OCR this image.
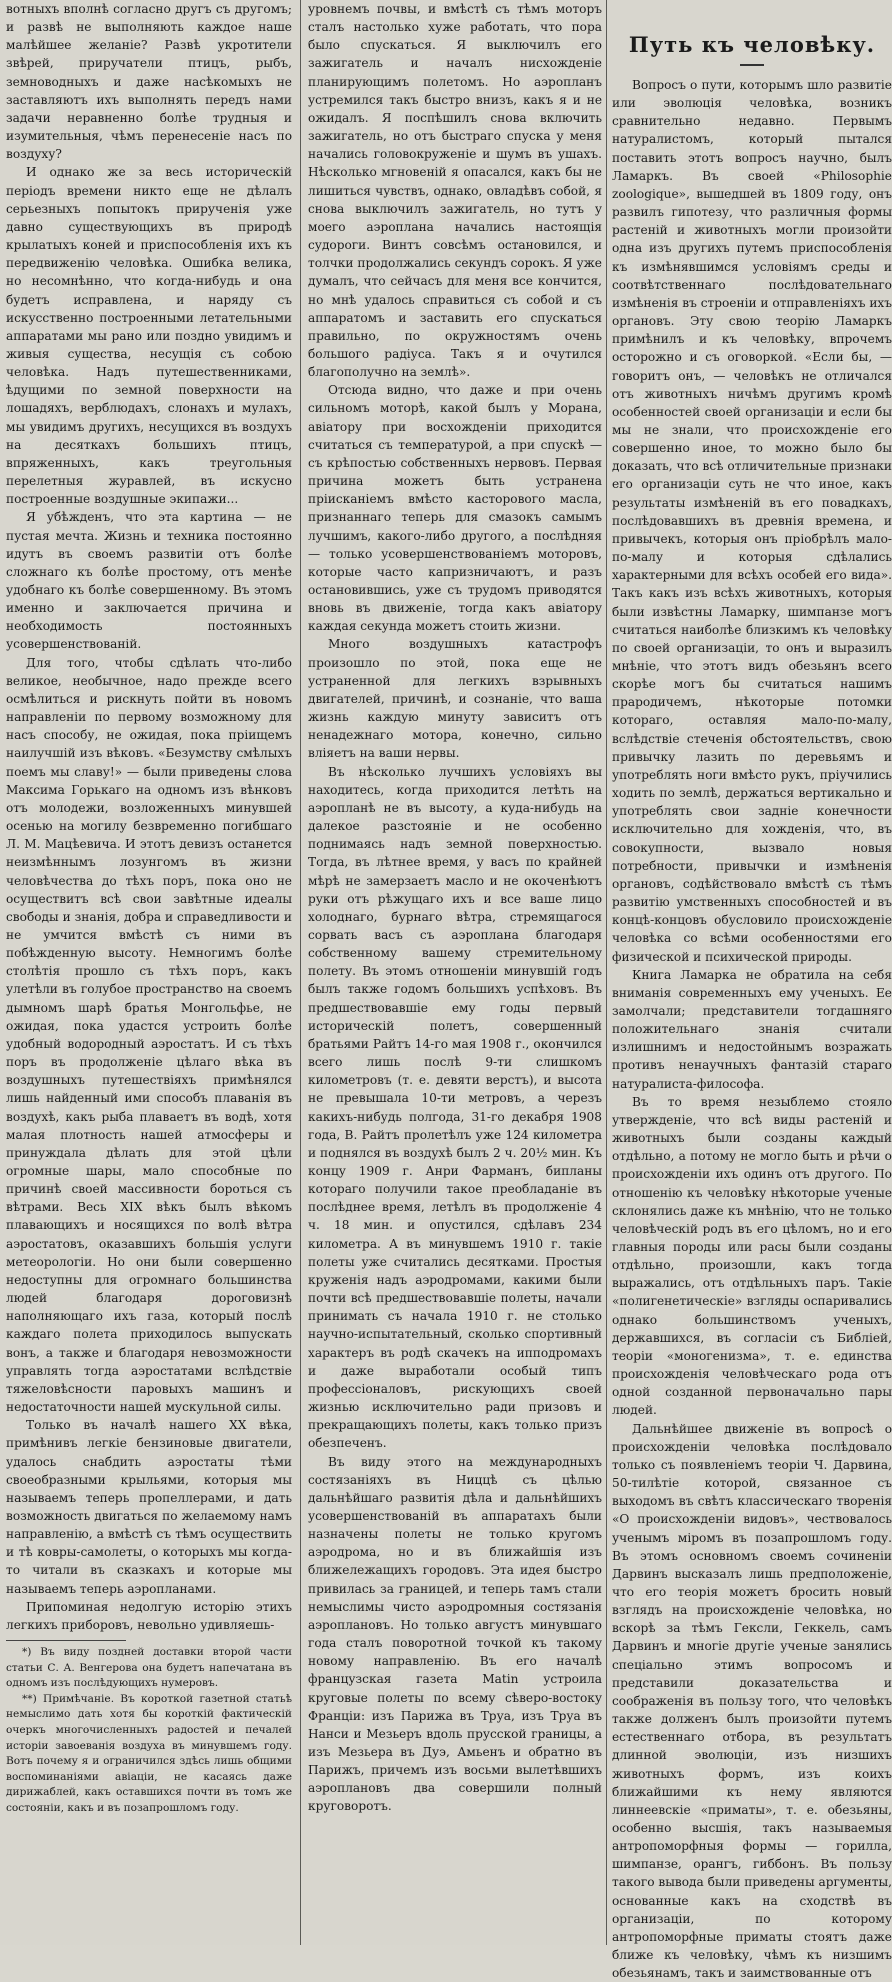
вотныхъ вполнѣ согласно другъ съ другомъ; и развѣ не выполняють каждое наше малѣйшее желаніе? Развѣ укротители звѣрей, приручатели птицъ, рыбъ, земноводныхъ и даже насѣкомыхъ не заставляютъ ихъ выполнять передъ нами задачи неравненно болѣе трудныя и изумительныя, чѣмъ перенесеніе насъ по воздуху?

И однако же за весь историческій періодъ времени никто еще не дѣлалъ серьезныхъ попытокъ прирученія уже давно существующихъ въ природѣ крылатыхъ коней и приспособленія ихъ къ передвиженію человѣка. Ошибка велика, но несомнѣнно, что когда-нибудь и она будетъ исправлена, и наряду съ искусственно построенными летательными аппаратами мы рано или поздно увидимъ и живыя существа, несущія съ собою человѣка. Надъ путешественниками, ѣдущими по земной поверхности на лошадяхъ, верблюдахъ, слонахъ и мулахъ, мы увидимъ другихъ, несущихся въ воздухъ на десяткахъ большихъ птицъ, впряженныхъ, какъ треугольныя перелетныя журавлей, въ искусно построенные воздушные экипажи...

Я убѣжденъ, что эта картина — не пустая мечта. Жизнь и техника постоянно идутъ въ своемъ развитіи отъ болѣе сложнаго къ болѣе простому, отъ менѣе удобнаго къ болѣе совершенному. Въ этомъ именно и заключается причина и необходимость постоянныхъ усовершенствованій.

Для того, чтобы сдѣлать что-либо великое, необычное, надо прежде всего осмѣлиться и рискнуть пойти въ новомъ направленіи по первому возможному для насъ способу, не ожидая, пока пріищемъ наилучшій изъ вѣковъ. «Безумству смѣлыхъ поемъ мы славу!» — были приведены слова Максима Горькаго на одномъ изъ вѣнковъ отъ молодежи, возложенныхъ минувшей осенью на могилу безвременно погибшаго Л. М. Мацѣевича. И этотъ девизъ останется неизмѣннымъ лозунгомъ въ жизни человѣчества до тѣхъ поръ, пока оно не осуществитъ всѣ свои завѣтные идеалы свободы и знанія, добра и справедливости и не умчится вмѣстѣ съ ними въ побѣжденную высоту. Немногимъ болѣе столѣтія прошло съ тѣхъ поръ, какъ улетѣли въ голубое пространство на своемъ дымномъ шарѣ братья Монгольфье, не ожидая, пока удастся устроить болѣе удобный водородный аэростатъ. И съ тѣхъ поръ въ продолженіе цѣлаго вѣка въ воздушныхъ путешествіяхъ примѣнялся лишь найденный ими способъ плаванія въ воздухѣ, какъ рыба плаваетъ въ водѣ, хотя малая плотность нашей атмосферы и принуждала дѣлать для этой цѣли огромные шары, мало способные по причинѣ своей массивности бороться съ вѣтрами. Весь XIX вѣкъ былъ вѣкомъ плавающихъ и носящихся по волѣ вѣтра аэростатовъ, оказавшихъ большія услуги метеорологіи. Но они были совершенно недоступны для огромнаго большинства людей благодаря дороговизнѣ наполняющаго ихъ газа, который послѣ каждаго полета приходилось выпускать вонъ, а также и благодаря невозможности управлять тогда аэростатами вслѣдствіе тяжеловѣсности паровыхъ машинъ и недостаточности нашей мускульной силы.

Только въ началѣ нашего XX вѣка, примѣнивъ легкіе бензиновые двигатели, удалось снабдить аэростаты тѣми своеобразными крыльями, которыя мы называемъ теперь пропеллерами, и дать возможность двигаться по желаемому намъ направленію, а вмѣстѣ съ тѣмъ осуществить и тѣ ковры-самолеты, о которыхъ мы когда-то читали въ сказкахъ и которые мы называемъ теперь аэропланами.

Припоминая недолгую исторію этихъ легкихъ приборовъ, невольно удивляешь-

*) Въ виду поздней доставки второй части статьи С. А. Венгерова она будетъ напечатана въ одномъ изъ послѣдующихъ нумеровъ.

**) Примѣчаніе. Въ короткой газетной статьѣ немыслимо дать хотя бы короткій фактическій очеркъ многочисленныхъ радостей и печалей исторіи завоеванія воздуха въ минувшемъ году. Вотъ почему я и ограничился здѣсь лишь общими воспоминаніями авіаціи, не касаясь даже дирижаблей, какъ оставшихся почти въ томъ же состояніи, какъ и въ позапрошломъ году.

уровнемъ почвы, и вмѣстѣ съ тѣмъ моторъ сталъ настолько хуже работать, что пора было спускаться. Я выключилъ его зажигатель и началъ нисхожденіе планирующимъ полетомъ. Но аэропланъ устремился такъ быстро внизъ, какъ я и не ожидалъ. Я поспѣшилъ снова включить зажигатель, но отъ быстраго спуска у меня начались головокруженіе и шумъ въ ушахъ. Нѣсколько мгновеній я опасался, какъ бы не лишиться чувствъ, однако, овладѣвъ собой, я снова выключилъ зажигатель, но тутъ у моего аэроплана начались настоящія судороги. Винтъ совсѣмъ остановился, и толчки продолжались секундъ сорокъ. Я уже думалъ, что сейчасъ для меня все кончится, но мнѣ удалось справиться съ собой и съ аппаратомъ и заставить его спускаться правильно, по окружностямъ очень большого радіуса. Такъ я и очутился благополучно на землѣ».

Отсюда видно, что даже и при очень сильномъ моторѣ, какой былъ у Морана, авіатору при восхожденіи приходится считаться съ температурой, а при спускѣ — съ крѣпостью собственныхъ нервовъ. Первая причина можетъ быть устранена пріисканіемъ вмѣсто касторового масла, признаннаго теперь для смазокъ самымъ лучшимъ, какого-либо другого, а послѣдняя — только усовершенствованіемъ моторовъ, которые часто капризничаютъ, и разъ остановившись, уже съ трудомъ приводятся вновь въ движеніе, тогда какъ авіатору каждая секунда можетъ стоить жизни.

Много воздушныхъ катастрофъ произошло по этой, пока еще не устраненной для легкихъ взрывныхъ двигателей, причинѣ, и сознаніе, что ваша жизнь каждую минуту зависитъ отъ ненадежнаго мотора, конечно, сильно вліяетъ на ваши нервы.

Въ нѣсколько лучшихъ условіяхъ вы находитесь, когда приходится летѣть на аэропланѣ не въ высоту, а куда-нибудь на далекое разстояніе и не особенно поднимаясь надъ земной поверхностью. Тогда, въ лѣтнее время, у васъ по крайней мѣрѣ не замерзаетъ масло и не окоченѣютъ руки отъ рѣжущаго ихъ и все ваше лицо холоднаго, бурнаго вѣтра, стремящагося сорвать васъ съ аэроплана благодаря собственному вашему стремительному полету. Въ этомъ отношеніи минувшій годъ былъ также годомъ большихъ успѣховъ. Въ предшествовавшіе ему годы первый историческій полетъ, совершенный братьями Райтъ 14-го мая 1908 г., окончился всего лишь послѣ 9-ти слишкомъ километровъ (т. е. девяти верстъ), и высота не превышала 10-ти метровъ, а черезъ какихъ-нибудь полгода, 31-го декабря 1908 года, В. Райтъ пролетѣлъ уже 124 километра и поднялся въ воздухѣ былъ 2 ч. 20½ мин. Къ концу 1909 г. Анри Фарманъ, бипланы котораго получили такое преобладаніе въ послѣднее время, летѣлъ въ продолженіе 4 ч. 18 мин. и опустился, сдѣлавъ 234 километра. А въ минувшемъ 1910 г. такіе полеты уже считались десятками. Простыя круженія надъ аэродромами, какими были почти всѣ предшествовавшіе полеты, начали принимать съ начала 1910 г. не столько научно-испытательный, сколько спортивный характеръ въ родѣ скачекъ на ипподромахъ и даже выработали особый типъ профессіоналовъ, рискующихъ своей жизнью исключительно ради призовъ и прекращающихъ полеты, какъ только призъ обезпеченъ.

Въ виду этого на международныхъ состязаніяхъ въ Ниццѣ съ цѣлью дальнѣйшаго развитія дѣла и дальнѣйшихъ усовершенствованій въ аппаратахъ были назначены полеты не только кругомъ аэродрома, но и въ ближайшія изъ ближележащихъ городовъ. Эта идея быстро привилась за границей, и теперь тамъ стали немыслимы чисто аэродромныя состязанія аэроплановъ. Но только августъ минувшаго года сталъ поворотной точкой къ такому новому направленію. Въ его началѣ французская газета Matin устроила круговые полеты по всему сѣверо-востоку Франціи: изъ Парижа въ Труа, изъ Труа въ Нанси и Мезьеръ вдоль прусской границы, а изъ Мезьера въ Дуэ, Амьенъ и обратно въ Парижъ, причемъ изъ восьми вылетѣвшихъ аэроплановъ два совершили полный круговоротъ.

Путь къ человѣку.

Вопросъ о пути, которымъ шло развитіе или эволюція человѣка, возникъ сравнительно недавно. Первымъ натуралистомъ, который пытался поставить этотъ вопросъ научно, былъ Ламаркъ. Въ своей «Philosophie zoologique», вышедшей въ 1809 году, онъ развилъ гипотезу, что различныя формы растеній и животныхъ могли произойти одна изъ другихъ путемъ приспособленія къ измѣнявшимся условіямъ среды и соотвѣтственнаго послѣдовательнаго измѣненія въ строеніи и отправленіяхъ ихъ органовъ. Эту свою теорію Ламаркъ примѣнилъ и къ человѣку, впрочемъ осторожно и съ оговоркой. «Если бы, — говоритъ онъ, — человѣкъ не отличался отъ животныхъ ничѣмъ другимъ кромѣ особенностей своей организаціи и если бы мы не знали, что происхожденіе его совершенно иное, то можно было бы доказать, что всѣ отличительные признаки его организаціи суть не что иное, какъ результаты измѣненій въ его повадкахъ, послѣдовавшихъ въ древнія времена, и привычекъ, которыя онъ пріобрѣлъ мало-по-малу и которыя сдѣлались характерными для всѣхъ особей его вида». Такъ какъ изъ всѣхъ животныхъ, которыя были извѣстны Ламарку, шимпанзе могъ считаться наиболѣе близкимъ къ человѣку по своей организаціи, то онъ и выразилъ мнѣніе, что этотъ видъ обезьянъ всего скорѣе могъ бы считаться нашимъ прародичемъ, нѣкоторые потомки котораго, оставляя мало-по-малу, вслѣдствіе стеченія обстоятельствъ, свою привычку лазить по деревьямъ и употреблять ноги вмѣсто рукъ, пріучились ходить по землѣ, держаться вертикально и употреблять свои задніе конечности исключительно для хожденія, что, въ совокупности, вызвало новыя потребности, привычки и измѣненія органовъ, содѣйствовало вмѣстѣ съ тѣмъ развитію умственныхъ способностей и въ концѣ-концовъ обусловило происхожденіе человѣка со всѣми особенностями его физической и психической природы.

Книга Ламарка не обратила на себя вниманія современныхъ ему ученыхъ. Ее замолчали; представители тогдашняго положительнаго знанія считали излишнимъ и недостойнымъ возражать противъ ненаучныхъ фантазій стараго натуралиста-философа.

Въ то время незыблемо стояло утвержденіе, что всѣ виды растеній и животныхъ были созданы каждый отдѣльно, а потому не могло быть и рѣчи о происхожденіи ихъ одинъ отъ другого. По отношенію къ человѣку нѣкоторые ученые склонялись даже къ мнѣнію, что не только человѣческій родъ въ его цѣломъ, но и его главныя породы или расы были созданы отдѣльно, произошли, какъ тогда выражались, отъ отдѣльныхъ паръ. Такіе «полигенетическіе» взгляды оспаривались однако большинствомъ ученыхъ, державшихся, въ согласіи съ Библіей, теоріи «моногенизма», т. е. единства происхожденія человѣческаго рода отъ одной созданной первоначально пары людей.

Дальнѣйшее движеніе въ вопросѣ о происхожденіи человѣка послѣдовало только съ появленіемъ теоріи Ч. Дарвина, 50-тилѣтіе которой, связанное съ выходомъ въ свѣтъ классическаго творенія «О происхожденіи видовъ», чествовалось ученымъ міромъ въ позапрошломъ году. Въ этомъ основномъ своемъ сочиненіи Дарвинъ высказалъ лишь предположеніе, что его теорія можетъ бросить новый взглядъ на происхожденіе человѣка, но вскорѣ за тѣмъ Гексли, Геккель, самъ Дарвинъ и многіе другіе ученые занялись спеціально этимъ вопросомъ и представили доказательства и соображенія въ пользу того, что человѣкъ также долженъ былъ произойти путемъ естественнаго отбора, въ результатъ длинной эволюціи, изъ низшихъ животныхъ формъ, изъ коихъ ближайшими къ нему являются линнеевскіе «приматы», т. е. обезьяны, особенно высшія, такъ называемыя антропоморфныя формы — горилла, шимпанзе, орангъ, гиббонъ. Въ пользу такого вывода были приведены аргументы, основанные какъ на сходствѣ въ организаціи, по которому антропоморфные приматы стоятъ даже ближе къ человѣку, чѣмъ къ низшимъ обезьянамъ, такъ и заимствованные отъ
